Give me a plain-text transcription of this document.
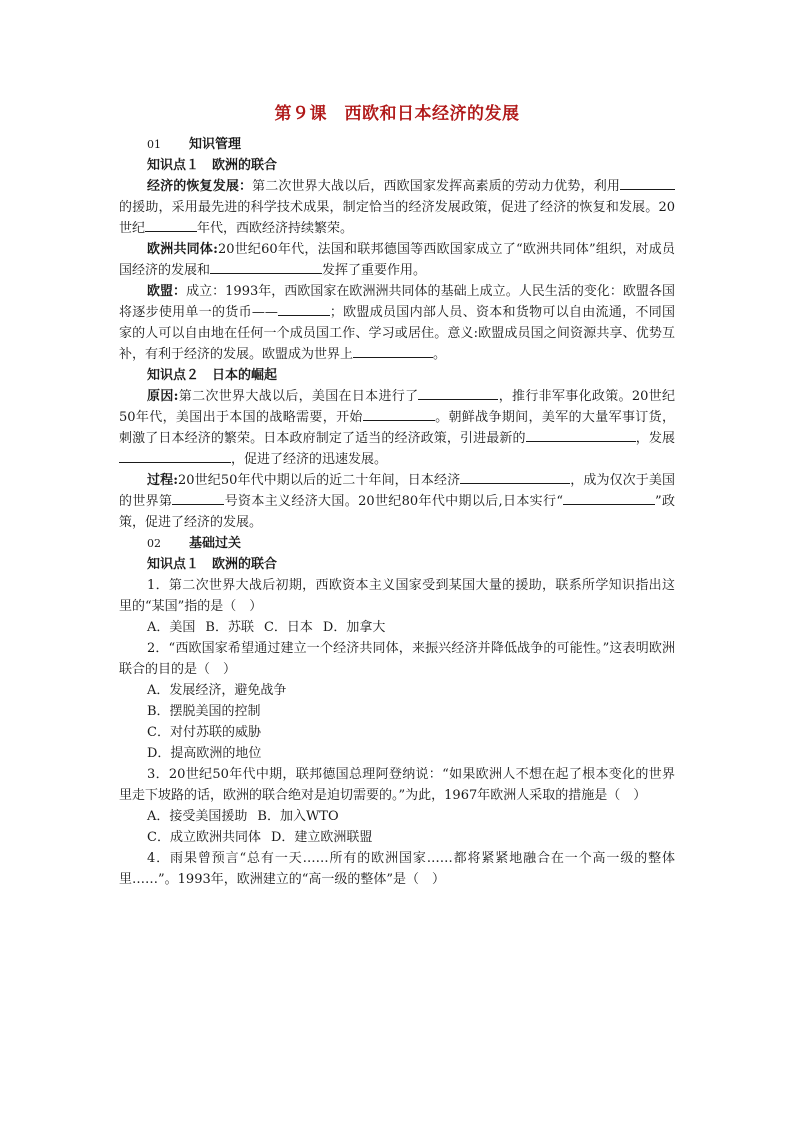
第９课　西欧和日本经济的发展
01 知识管理
知识点１　欧洲的联合

经济的恢复发展：第二次世界大战以后，西欧国家发挥高素质的劳动力优势，利用的援助，采用最先进的科学技术成果，制定恰当的经济发展政策，促进了经济的恢复和发展。20世纪	年代，西欧经济持续繁荣。

欧洲共同体:20世纪60年代，法国和联邦德国等西欧国家成立了“欧洲共同体”组织，对成员国经济的发展和	发挥了重要作用。

欧盟：成立：1993年，西欧国家在欧洲洲共同体的基础上成立。人民生活的变化：欧盟各国将逐步使用单一的货币——	；欧盟成员国内部人员、资本和货物可以自由流通，不同国家的人可以自由地在任何一个成员国工作、学习或居住。意义:欧盟成员国之间资源共享、优势互补，有利于经济的发展。欧盟成为世界上	。

知识点２　日本的崛起

原因:第二次世界大战以后，美国在日本进行了	，推行非军事化政策。20世纪50年代，美国出于本国的战略需要，开始	。朝鲜战争期间，美军的大量军事订货，刺激了日本经济的繁荣。日本政府制定了适当的经济政策，引进最新的	，发展，促进了经济的迅速发展。

过程:20世纪50年代中期以后的近二十年间，日本经济	，成为仅次于美国的世界第	号资本主义经济大国。20世纪80年代中期以后,日本实行“	”政策，促进了经济的发展。

02 基础过关
知识点１　欧洲的联合

1．第二次世界大战后初期，西欧资本主义国家受到某国大量的援助，联系所学知识指出这里的“某国”指的是（　）

A．美国 B．苏联 C．日本 D．加拿大

2．“西欧国家希望通过建立一个经济共同体，来振兴经济并降低战争的可能性。”这表明欧洲联合的目的是（　）

A．发展经济，避免战争
B．摆脱美国的控制
C．对付苏联的威胁
D．提高欧洲的地位

3．20世纪50年代中期，联邦德国总理阿登纳说：“如果欧洲人不想在起了根本变化的世界里走下坡路的话，欧洲的联合绝对是迫切需要的。”为此，1967年欧洲人采取的措施是（　）

A．接受美国援助 B．加入WTO
C．成立欧洲共同体 D．建立欧洲联盟

4．雨果曾预言“总有一天……所有的欧洲国家……都将紧紧地融合在一个高一级的整体里……”。1993年，欧洲建立的“高一级的整体”是（　）
